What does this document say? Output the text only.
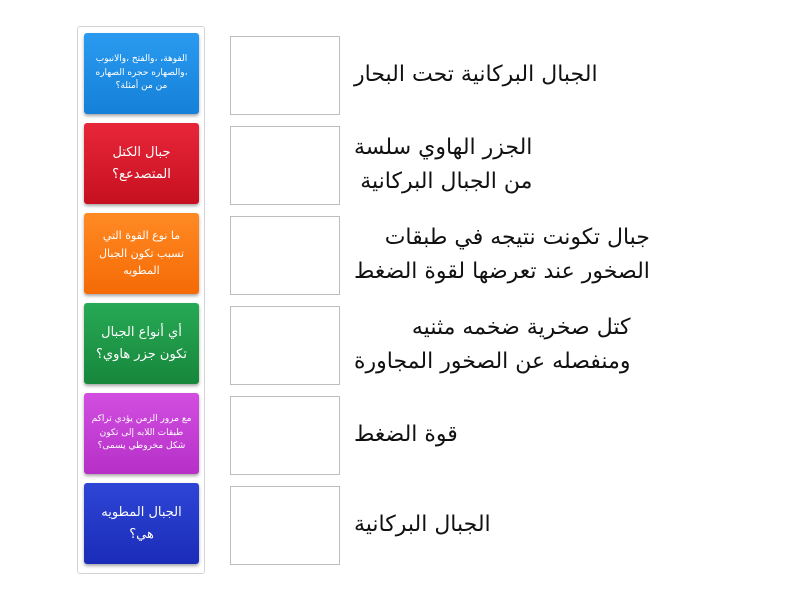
الفوهة، ،والفتح ،والانبوب ،والصهاره حجره الصهاره من من أمثلة؟
جبال الكتل المتصدعع؟
ما نوع القوة التي تسبب تكون الجبال المطويه
أي أنواع الجبال تكون جزر هاوي؟
مع مرور الزمن يؤدي تراكم طبقات اللابه إلى تكون شكل مخروطي يسمى؟
الجبال المطويه هي؟
الجبال البركانية تحت البحار
الجزر الهاوي سلسة
من الجبال البركانية
جبال تكونت نتيجه في طبقات
الصخور عند تعرضها لقوة الضغط
كتل صخرية ضخمه مثنيه
ومنفصله عن الصخور المجاورة
قوة الضغط
الجبال البركانية
